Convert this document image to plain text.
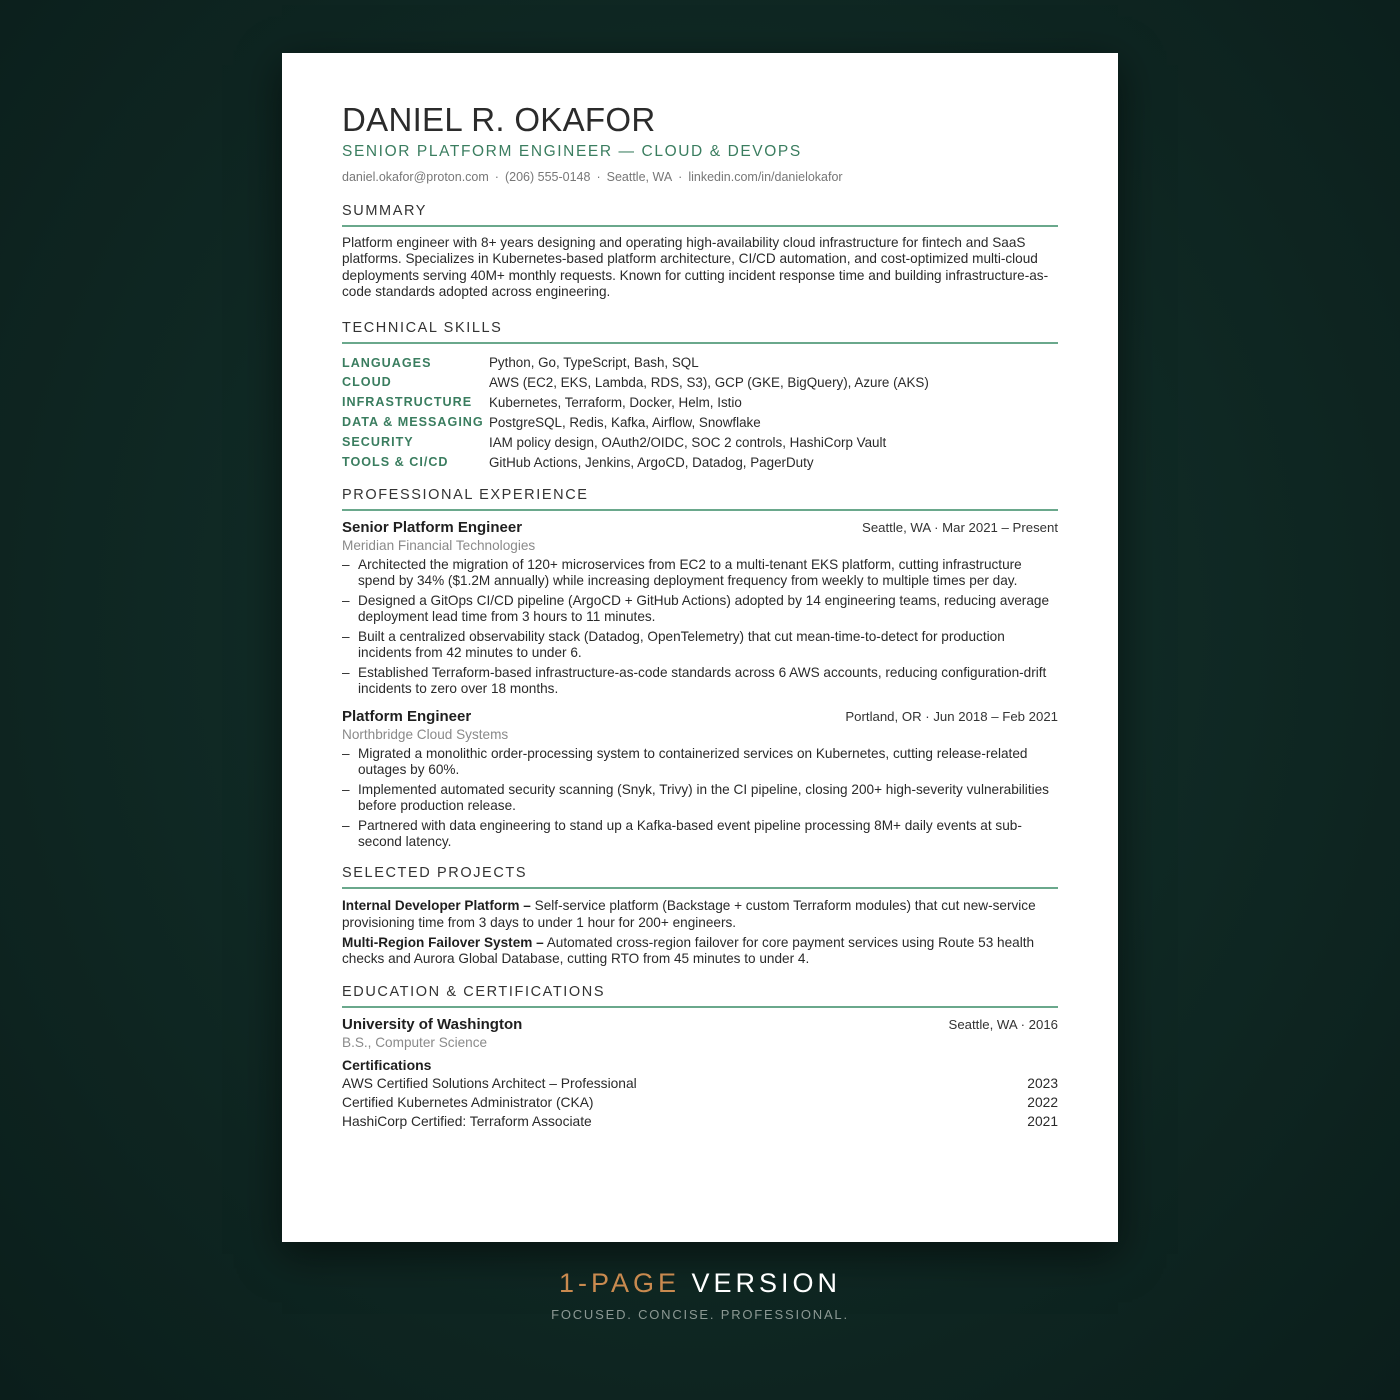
DANIEL R. OKAFOR
SENIOR PLATFORM ENGINEER — CLOUD & DEVOPS
daniel.okafor@proton.com · (206) 555-0148 · Seattle, WA · linkedin.com/in/danielokafor
SUMMARY

Platform engineer with 8+ years designing and operating high-availability cloud infrastructure for fintech and SaaS platforms. Specializes in Kubernetes-based platform architecture, CI/CD automation, and cost-optimized multi-cloud deployments serving 40M+ monthly requests. Known for cutting incident response time and building infrastructure-as-code standards adopted across engineering.

TECHNICAL SKILLS
LANGUAGES	Python, Go, TypeScript, Bash, SQL
CLOUD	AWS (EC2, EKS, Lambda, RDS, S3), GCP (GKE, BigQuery), Azure (AKS)
INFRASTRUCTURE	Kubernetes, Terraform, Docker, Helm, Istio
DATA & MESSAGING PostgreSQL, Redis, Kafka, Airflow, Snowflake
SECURITY	IAM policy design, OAuth2/OIDC, SOC 2 controls, HashiCorp Vault
TOOLS & CI/CD	GitHub Actions, Jenkins, ArgoCD, Datadog, PagerDuty
PROFESSIONAL EXPERIENCE
Senior Platform Engineer	Seattle, WA · Mar 2021 – Present
Meridian Financial Technologies
– Architected the migration of 120+ microservices from EC2 to a multi-tenant EKS platform, cutting infrastructure spend by 34% ($1.2M annually) while increasing deployment frequency from weekly to multiple times per day.
– Designed a GitOps CI/CD pipeline (ArgoCD + GitHub Actions) adopted by 14 engineering teams, reducing average deployment lead time from 3 hours to 11 minutes.
– Built a centralized observability stack (Datadog, OpenTelemetry) that cut mean-time-to-detect for production incidents from 42 minutes to under 6.
– Established Terraform-based infrastructure-as-code standards across 6 AWS accounts, reducing configuration-drift incidents to zero over 18 months.
Platform Engineer	Portland, OR · Jun 2018 – Feb 2021
Northbridge Cloud Systems
– Migrated a monolithic order-processing system to containerized services on Kubernetes, cutting release-related outages by 60%.
– Implemented automated security scanning (Snyk, Trivy) in the CI pipeline, closing 200+ high-severity vulnerabilities before production release.
– Partnered with data engineering to stand up a Kafka-based event pipeline processing 8M+ daily events at sub-second latency.
SELECTED PROJECTS

Internal Developer Platform – Self-service platform (Backstage + custom Terraform modules) that cut new-service provisioning time from 3 days to under 1 hour for 200+ engineers.

Multi-Region Failover System – Automated cross-region failover for core payment services using Route 53 health checks and Aurora Global Database, cutting RTO from 45 minutes to under 4.

EDUCATION & CERTIFICATIONS
University of Washington	Seattle, WA · 2016
B.S., Computer Science
Certifications
AWS Certified Solutions Architect – Professional	2023
Certified Kubernetes Administrator (CKA)	2022
HashiCorp Certified: Terraform Associate	2021
1-PAGE VERSION
FOCUSED. CONCISE. PROFESSIONAL.
